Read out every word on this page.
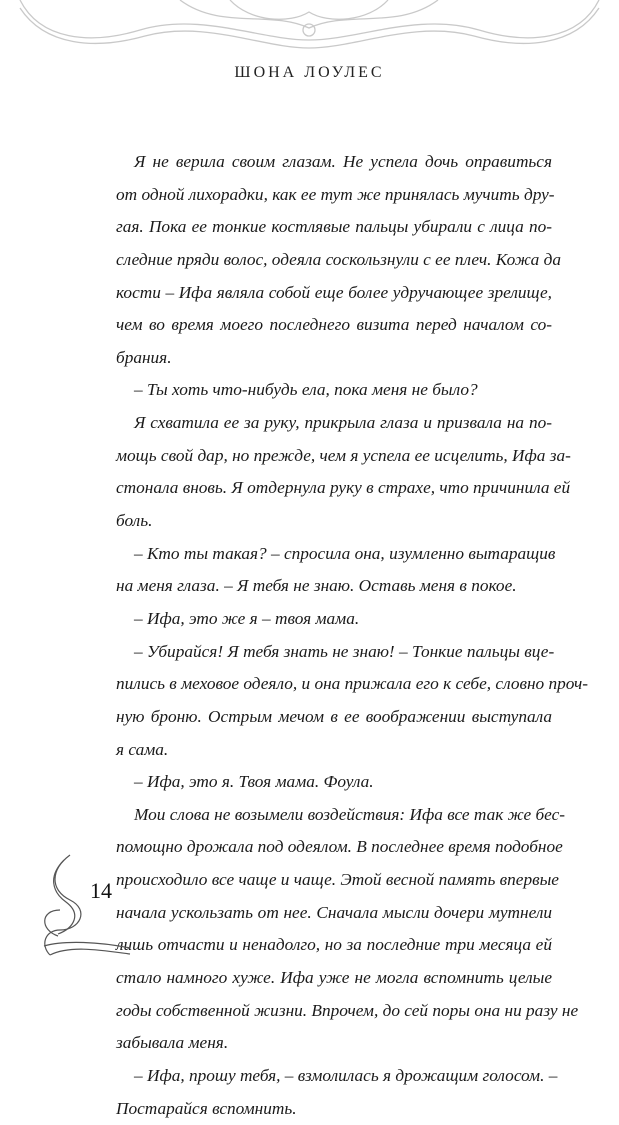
ШОНА ЛОУЛЕС
Я не верила своим глазам. Не успела дочь оправиться
от одной лихорадки, как ее тут же принялась мучить дру-
гая. Пока ее тонкие костлявые пальцы убирали с лица по-
следние пряди волос, одеяла соскользнули с ее плеч. Кожа да
кости – Ифа являла собой еще более удручающее зрелище,
чем во время моего последнего визита перед началом со-
брания.
– Ты хоть что-нибудь ела, пока меня не было?
Я схватила ее за руку, прикрыла глаза и призвала на по-
мощь свой дар, но прежде, чем я успела ее исцелить, Ифа за-
стонала вновь. Я отдернула руку в страхе, что причинила ей
боль.
– Кто ты такая? – спросила она, изумленно вытаращив
на меня глаза. – Я тебя не знаю. Оставь меня в покое.
– Ифа, это же я – твоя мама.
– Убирайся! Я тебя знать не знаю! – Тонкие пальцы вце-
пились в меховое одеяло, и она прижала его к себе, словно проч-
ную броню. Острым мечом в ее воображении выступала
я сама.
– Ифа, это я. Твоя мама. Фоула.
Мои слова не возымели воздействия: Ифа все так же бес-
помощно дрожала под одеялом. В последнее время подобное
происходило все чаще и чаще. Этой весной память впервые
начала ускользать от нее. Сначала мысли дочери мутнели
лишь отчасти и ненадолго, но за последние три месяца ей
стало намного хуже. Ифа уже не могла вспомнить целые
годы собственной жизни. Впрочем, до сей поры она ни разу не
забывала меня.
– Ифа, прошу тебя, – взмолилась я дрожащим голосом. –
Постарайся вспомнить.
14
